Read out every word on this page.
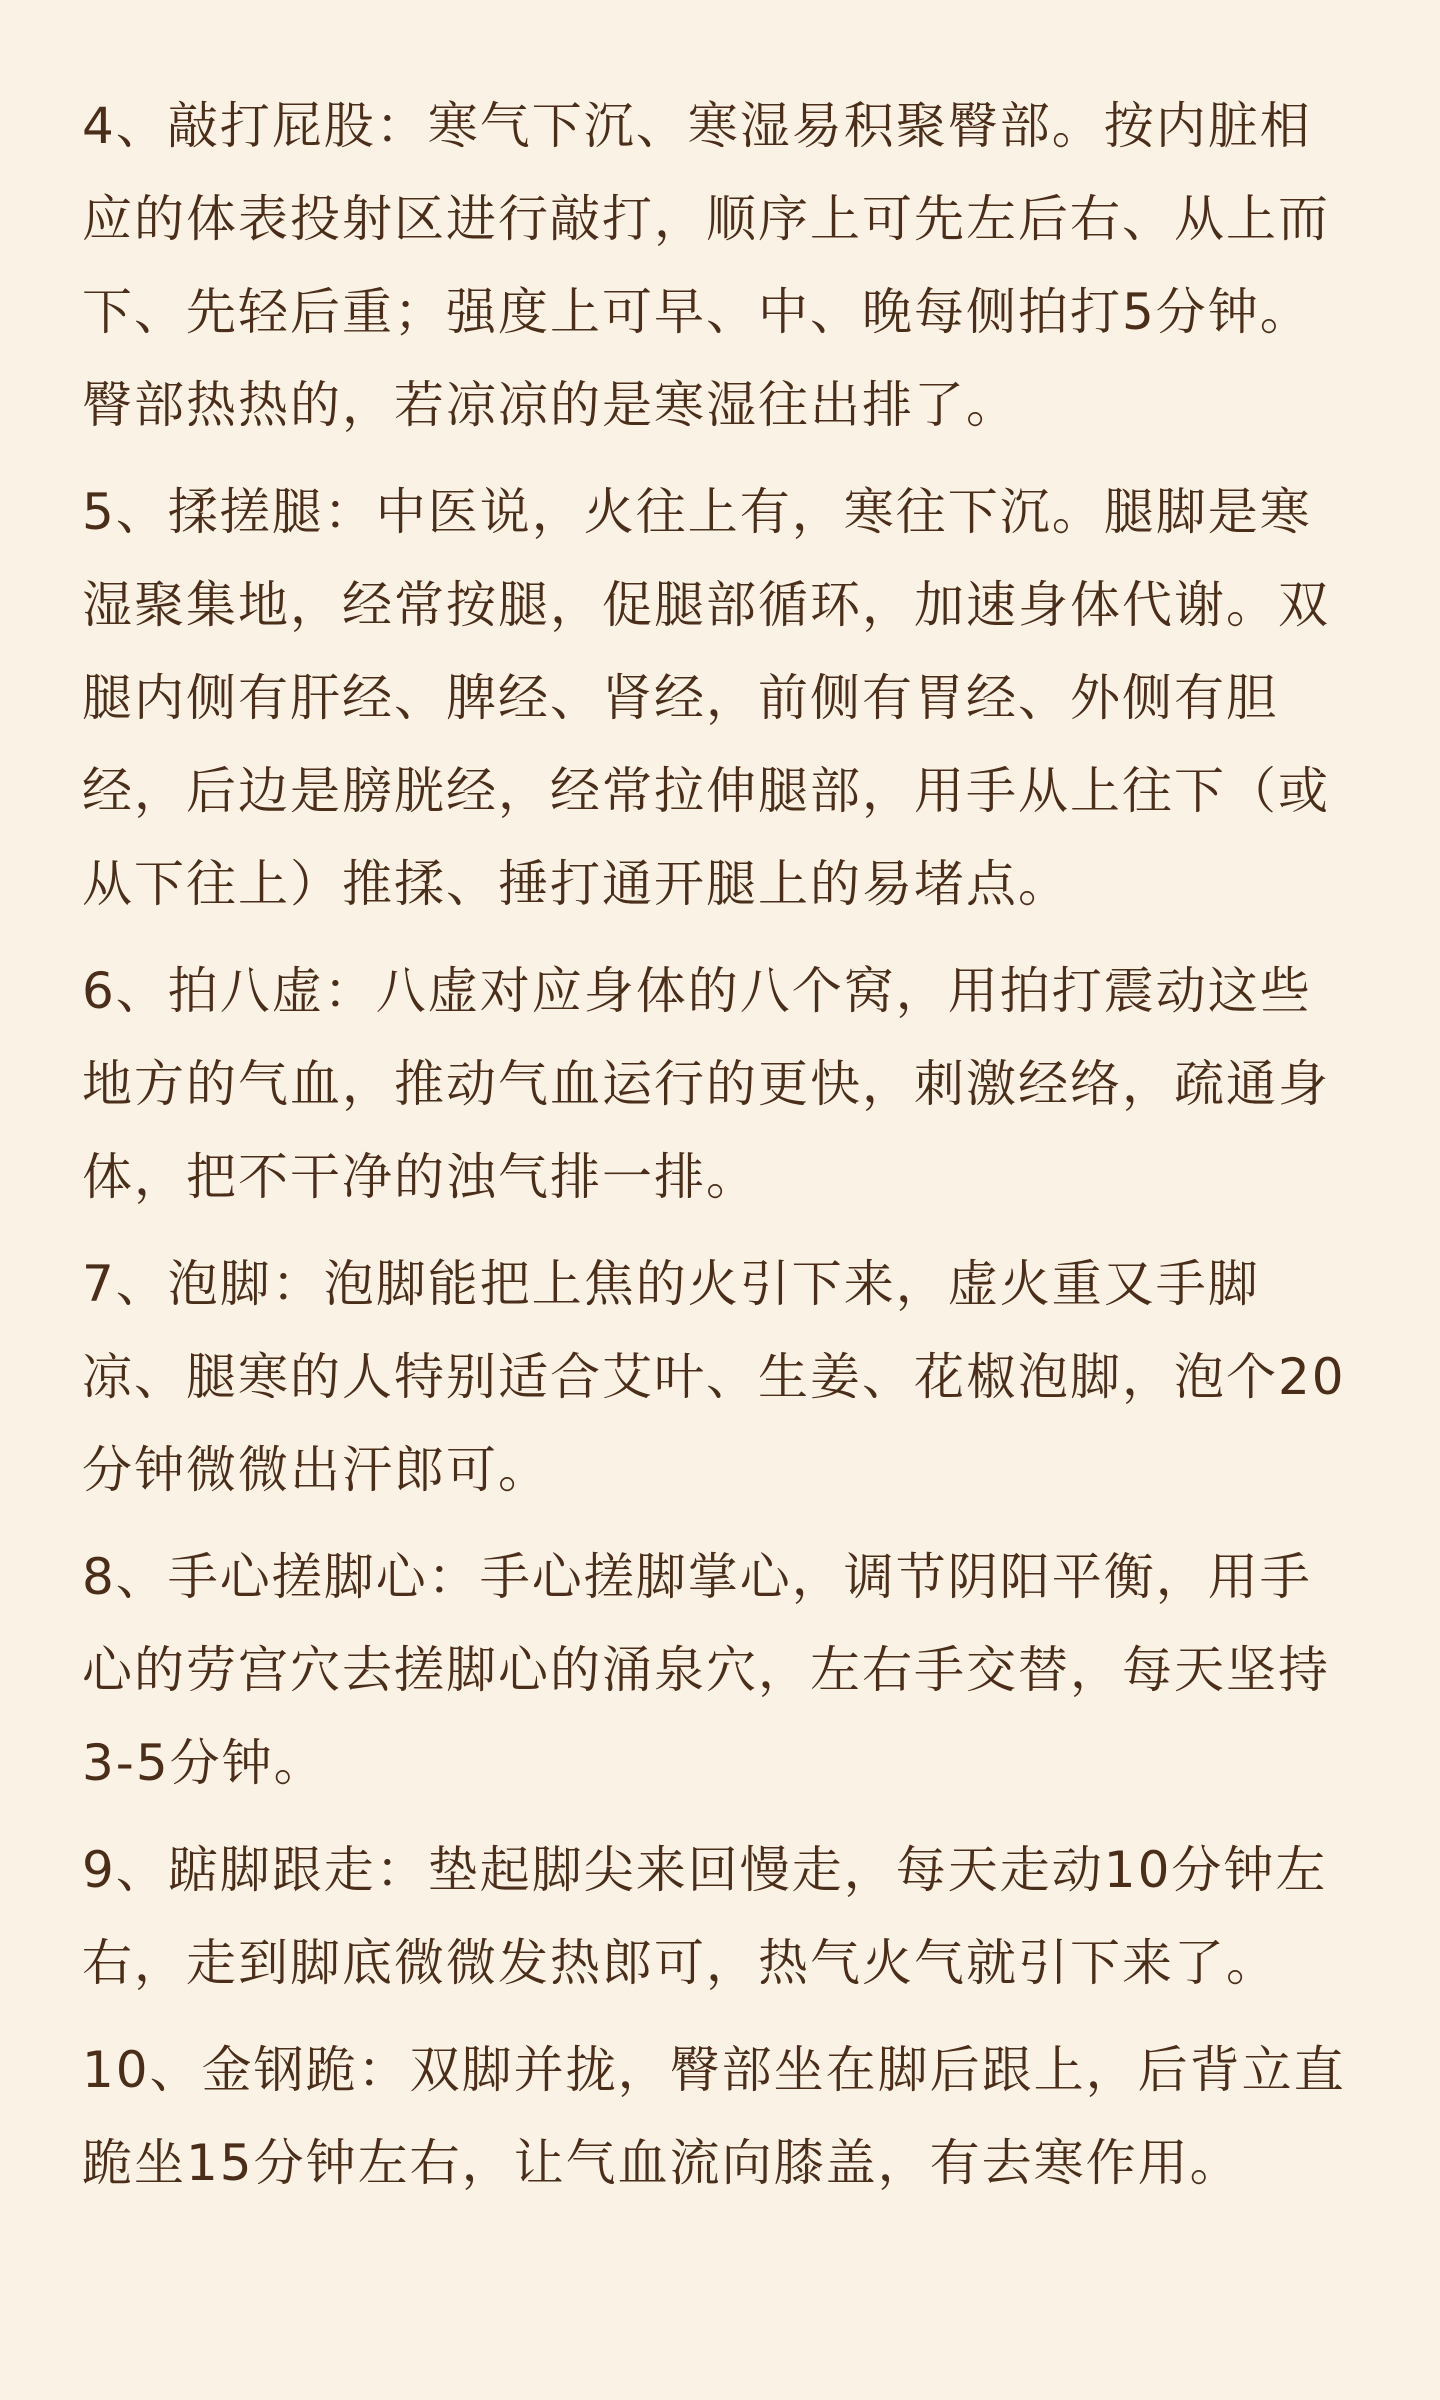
4、敲打屁股：寒气下沉、寒湿易积聚臀部。按内脏相应的体表投射区进行敲打，顺序上可先左后右、从上而下、先轻后重；强度上可早、中、晚每侧拍打5分钟。臀部热热的，若凉凉的是寒湿往出排了。

5、揉搓腿：中医说，火往上有，寒往下沉。腿脚是寒湿聚集地，经常按腿，促腿部循环，加速身体代谢。双腿内侧有肝经、脾经、肾经，前侧有胃经、外侧有胆经，后边是膀胱经，经常拉伸腿部，用手从上往下（或从下往上）推揉、捶打通开腿上的易堵点。

6、拍八虚：八虚对应身体的八个窝，用拍打震动这些地方的气血，推动气血运行的更快，刺激经络，疏通身体，把不干净的浊气排一排。

7、泡脚：泡脚能把上焦的火引下来，虚火重又手脚凉、腿寒的人特别适合艾叶、生姜、花椒泡脚，泡个20分钟微微出汗郎可。

8、手心搓脚心：手心搓脚掌心，调节阴阳平衡，用手心的劳宫穴去搓脚心的涌泉穴，左右手交替，每天坚持3-5分钟。

9、踮脚跟走：垫起脚尖来回慢走，每天走动10分钟左右，走到脚底微微发热郎可，热气火气就引下来了。

10、金钢跪：双脚并拢，臀部坐在脚后跟上，后背立直跪坐15分钟左右，让气血流向膝盖，有去寒作用。
